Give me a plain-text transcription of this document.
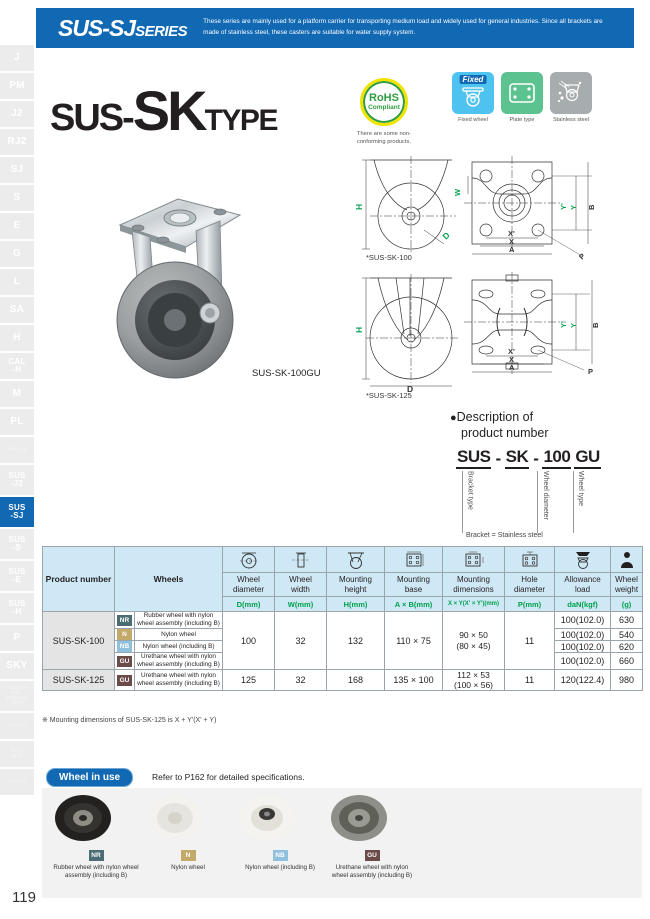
J
PM
J2
RJ2
SJ
S
E
G
L
SA
H
CAL
-H
M
PL
Silence
SUS
-J2
SUS
-SJ
SUS
-S
SUS
-E
SUS
-H
P
SKY
Support with adjuster foot
Special
Easy
lock
Wheels
SUS-SJSERIES
These series are mainly used for a platform carrier for transporting medium load and widely used for general industries. Since all brackets are made of stainless steel, these casters are suitable for water supply system.
SUS-SKTYPE
RoHS
Compliant
There are some non-conforming products.
Fixed
Fixed wheel	Plate type	Stainless steel
SUS-SK-100GU
H
D
*SUS-SK-100
W
X'
X
A
Y' Y B
P
H
D
*SUS-SK-125
X'
X
A
Y' Y B
P
●Description of
product number
SUS - SK - 100 GU
Bracket type	Wheel diameter	Wheel type
Bracket = Stainless steel
Product number	Wheels	

			Wheel
diameter	Wheel
width	Mounting
height	Mounting
base	Mounting
dimensions	Hole
diameter	Allowance
load	Wheel
weight
			D(mm)	W(mm)	H(mm)	A × B(mm)	X × Y(X' × Y')(mm)	P(mm)	daN(kgf)	(g)
SUS-SK-100	NR	Rubber wheel with nylon wheel assembly (including B)	100	32	132	110 × 75	90 × 50
(80 × 45)	11	100(102.0)	630
	N	Nylon wheel							100(102.0)	540
	NB	Nylon wheel (including B)							100(102.0)	620
	GU	Urethane wheel with nylon wheel assembly (including B)							100(102.0)	660
SUS-SK-125	GU	Urethane wheel with nylon wheel assembly (including B)	125	32	168	135 × 100	112 × 53
(100 × 56)	11	120(122.4)	980
※ Mounting dimensions of SUS-SK-125 is X + Y'(X' + Y)
Wheel in use	Refer to P162 for detailed specifications.
NR
Rubber wheel with nylon wheel assembly (including B)
N
Nylon wheel
NB
Nylon wheel (including B)
GU
Urethane wheel with nylon wheel assembly (including B)
119
